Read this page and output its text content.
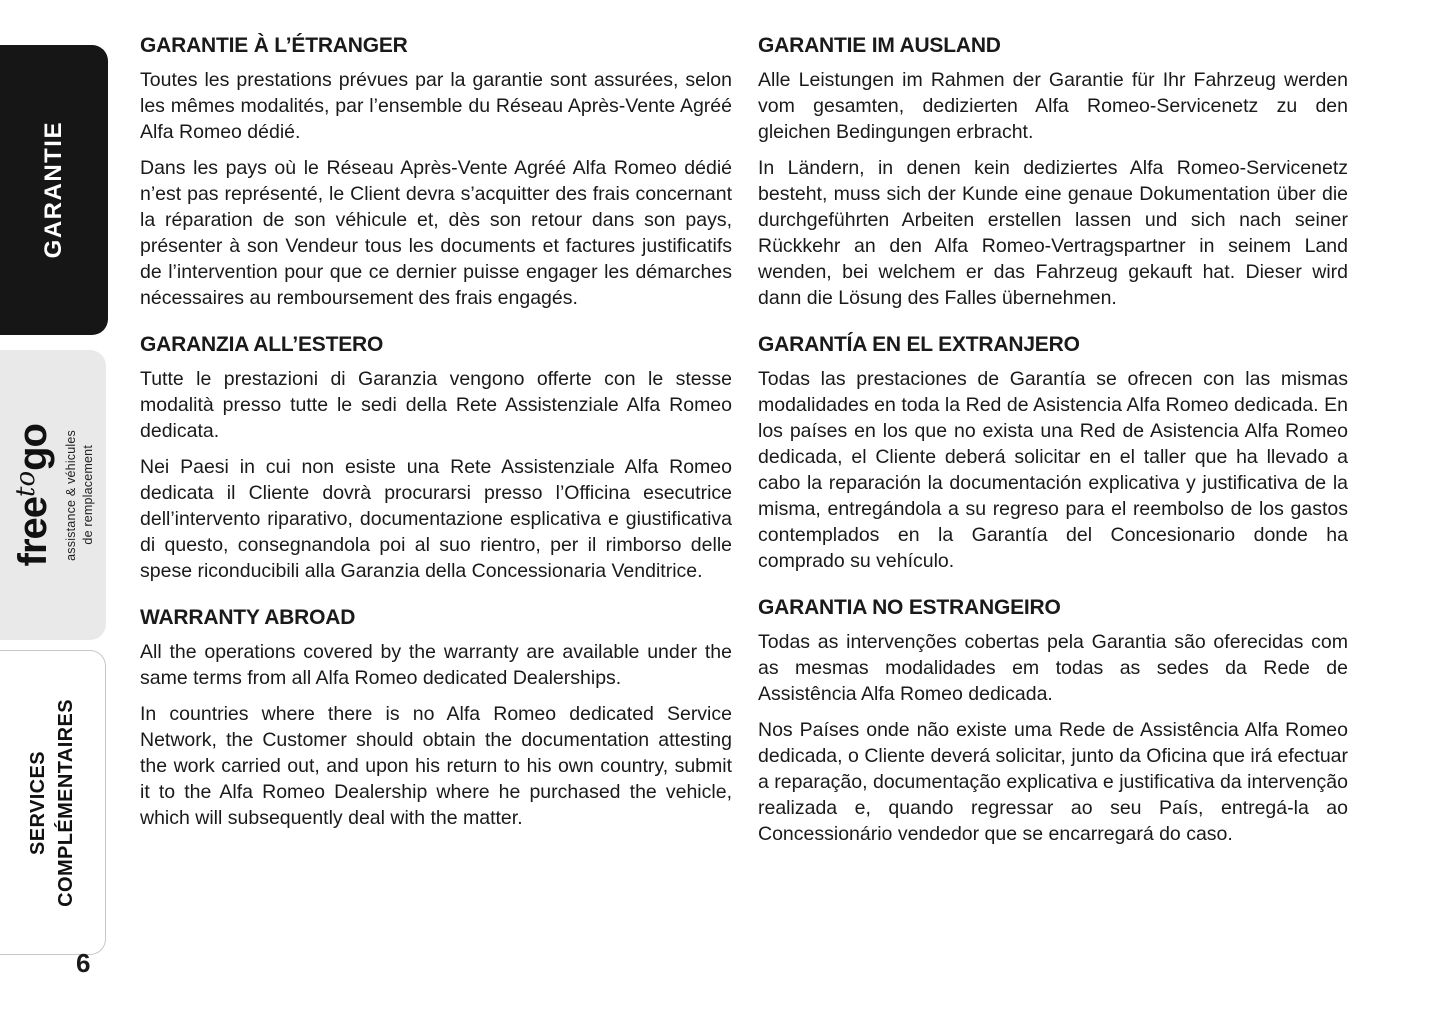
GARANTIE
freetogo assistance & véhicules de remplacement
SERVICES COMPLÉMENTAIRES
6
GARANTIE À L’ÉTRANGER

Toutes les prestations prévues par la garantie sont assurées, selon les mêmes modalités, par l’ensemble du Réseau Après-Vente Agréé Alfa Romeo dédié.

Dans les pays où le Réseau Après-Vente Agréé Alfa Romeo dédié n’est pas représenté, le Client devra s’acquitter des frais concernant la réparation de son véhicule et, dès son retour dans son pays, présenter à son Vendeur tous les documents et factures justificatifs de l’intervention pour que ce dernier puisse engager les démarches nécessaires au remboursement des frais engagés.

GARANZIA ALL’ESTERO

Tutte le prestazioni di Garanzia vengono offerte con le stesse modalità presso tutte le sedi della Rete Assistenziale Alfa Romeo dedicata.

Nei Paesi in cui non esiste una Rete Assistenziale Alfa Romeo dedicata il Cliente dovrà procurarsi presso l’Officina esecutrice dell’intervento riparativo, documentazione esplicativa e giustificativa di questo, consegnandola poi al suo rientro, per il rimborso delle spese riconducibili alla Garanzia della Concessionaria Venditrice.

WARRANTY ABROAD

All the operations covered by the warranty are available under the same terms from all Alfa Romeo dedicated Dealerships.

In countries where there is no Alfa Romeo dedicated Service Network, the Customer should obtain the documentation attesting the work carried out, and upon his return to his own country, submit it to the Alfa Romeo Dealership where he purchased the vehicle, which will subsequently deal with the matter.

GARANTIE IM AUSLAND

Alle Leistungen im Rahmen der Garantie für Ihr Fahrzeug werden vom gesamten, dedizierten Alfa Romeo-Servicenetz zu den gleichen Bedingungen erbracht.

In Ländern, in denen kein dediziertes Alfa Romeo-Servicenetz besteht, muss sich der Kunde eine genaue Dokumentation über die durchgeführten Arbeiten erstellen lassen und sich nach seiner Rückkehr an den Alfa Romeo-Vertragspartner in seinem Land wenden, bei welchem er das Fahrzeug gekauft hat. Dieser wird dann die Lösung des Falles übernehmen.

GARANTÍA EN EL EXTRANJERO

Todas las prestaciones de Garantía se ofrecen con las mismas modalidades en toda la Red de Asistencia Alfa Romeo dedicada. En los países en los que no exista una Red de Asistencia Alfa Romeo dedicada, el Cliente deberá solicitar en el taller que ha llevado a cabo la reparación la documentación explicativa y justificativa de la misma, entregándola a su regreso para el reembolso de los gastos contemplados en la Garantía del Concesionario donde ha comprado su vehículo.

GARANTIA NO ESTRANGEIRO

Todas as intervenções cobertas pela Garantia são oferecidas com as mesmas modalidades em todas as sedes da Rede de Assistência Alfa Romeo dedicada.

Nos Países onde não existe uma Rede de Assistência Alfa Romeo dedicada, o Cliente deverá solicitar, junto da Oficina que irá efectuar a reparação, documentação explicativa e justificativa da intervenção realizada e, quando regressar ao seu País, entregá-la ao Concessionário vendedor que se encarregará do caso.
